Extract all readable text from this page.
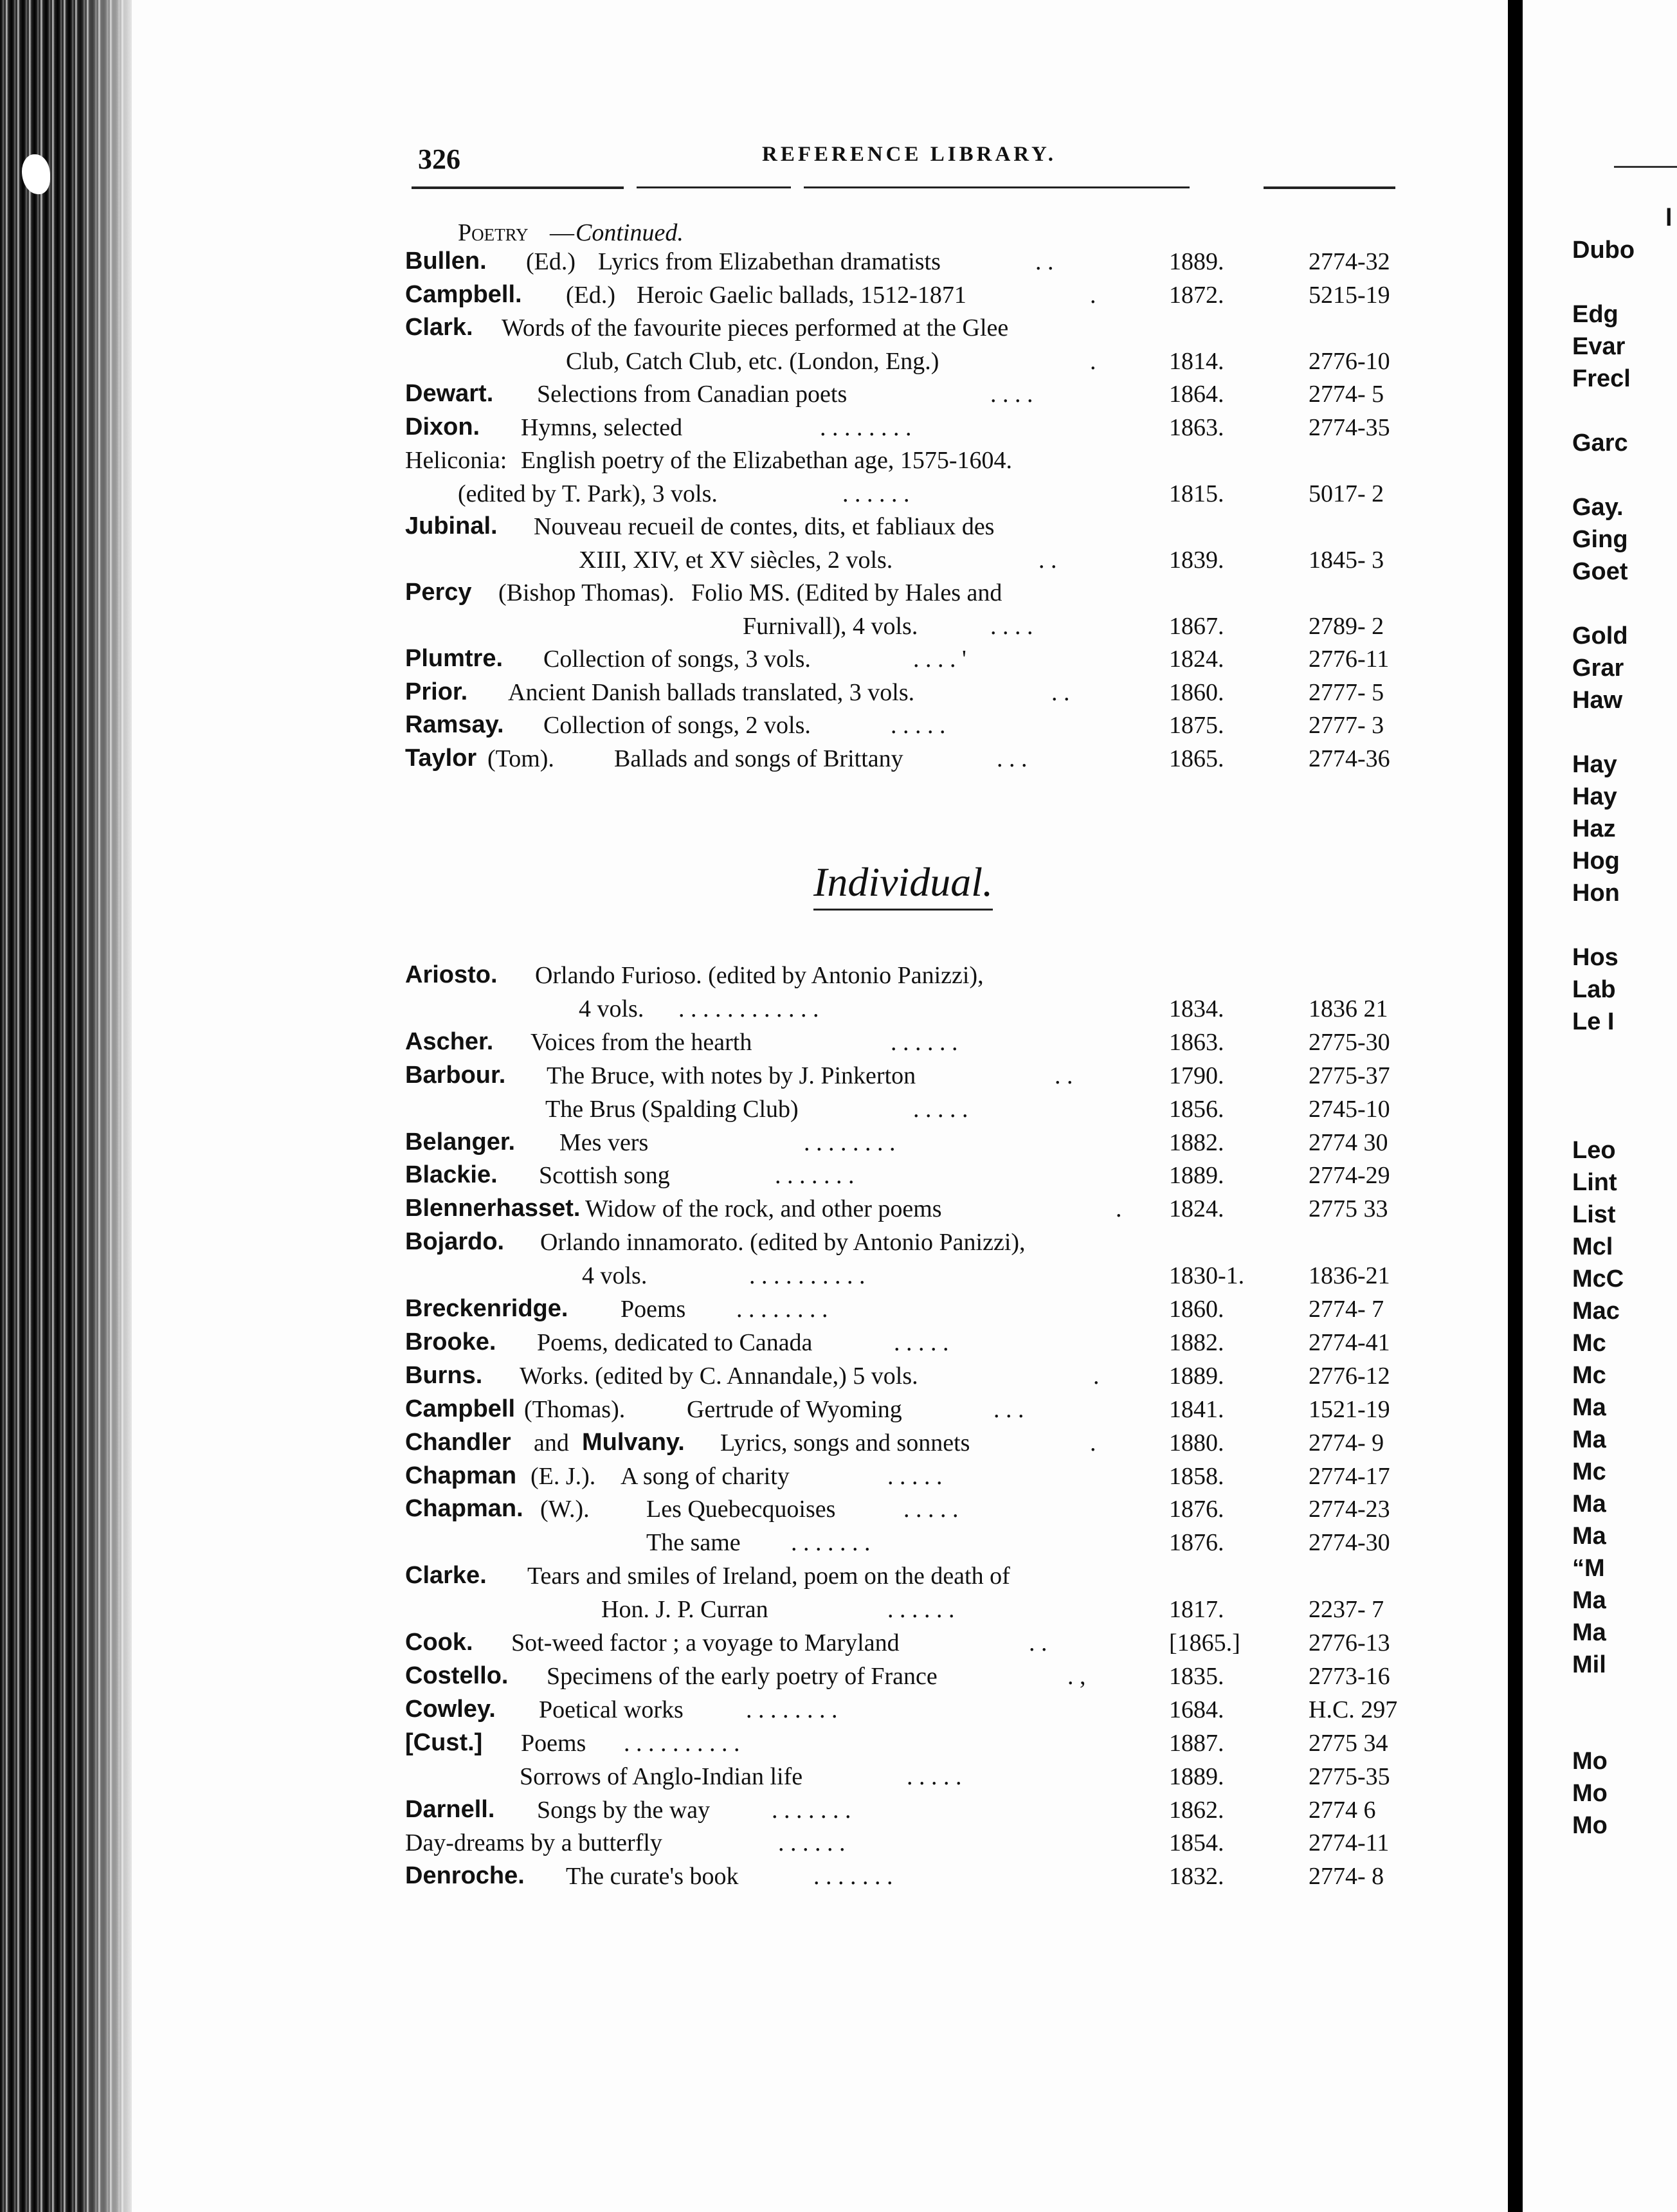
326	REFERENCE LIBRARY.
Poetry — Continued.
Bullen. (Ed.) Lyrics from Elizabethan dramatists	. .	1889.	2774-32
Campbell. (Ed.) Heroic Gaelic ballads, 1512-1871	.	1872.	5215-19
Clark. Words of the favourite pieces performed at the Glee
Club, Catch Club, etc. (London, Eng.)	.	1814.	2776-10
Dewart. Selections from Canadian poets	. . . .	1864.	2774- 5
Dixon. Hymns, selected	. . . . . . . .	1863.	2774-35
Heliconia: English poetry of the Elizabethan age, 1575-1604.
(edited by T. Park), 3 vols.	. . . . . .	1815.	5017- 2
Jubinal. Nouveau recueil de contes, dits, et fabliaux des
XIII, XIV, et XV siècles, 2 vols.	. .	1839.	1845- 3
Percy (Bishop Thomas). Folio MS. (Edited by Hales and
Furnivall), 4 vols.	. . . .	1867.	2789- 2
Plumtre. Collection of songs, 3 vols.	. . . . '	1824.	2776-11
Prior. Ancient Danish ballads translated, 3 vols.	. .	1860.	2777- 5
Ramsay. Collection of songs, 2 vols.	. . . . .	1875.	2777- 3
Taylor (Tom). Ballads and songs of Brittany	. . .	1865.	2774-36
Individual.
Ariosto. Orlando Furioso. (edited by Antonio Panizzi),
4 vols. . . . . . . . . . . . .	1834.	1836 21
Ascher. Voices from the hearth	. . . . . .	1863.	2775-30
Barbour. The Bruce, with notes by J. Pinkerton	. .	1790.	2775-37
The Brus (Spalding Club)	. . . . .	1856.	2745-10
Belanger. Mes vers	. . . . . . . .	1882.	2774 30
Blackie. Scottish song	. . . . . . .	1889.	2774-29
Blennerhasset. Widow of the rock, and other poems	. 1824.	2775 33
Bojardo. Orlando innamorato. (edited by Antonio Panizzi),
4 vols.	. . . . . . . . . .	1830-1.	1836-21
Breckenridge. Poems . . . . . . . .	1860.	2774- 7
Brooke. Poems, dedicated to Canada	. . . . .	1882.	2774-41
Burns. Works. (edited by C. Annandale,) 5 vols.	.	1889.	2776-12
Campbell (Thomas).	Gertrude of Wyoming	. . .	1841.	1521-19
Chandler and Mulvany. Lyrics, songs and sonnets	.	1880.	2774- 9
Chapman (E. J.). A song of charity	. . . . .	1858.	2774-17
Chapman. (W.). Les Quebecquoises	. . . . .	1876.	2774-23
The same . . . . . . .	1876.	2774-30
Clarke. Tears and smiles of Ireland, poem on the death of
Hon. J. P. Curran	. . . . . .	1817.	2237- 7
Cook. Sot-weed factor ; a voyage to Maryland	. .	[1865.]	2776-13
Costello. Specimens of the early poetry of France	. ,	1835.	2773-16
Cowley. Poetical works	. . . . . . . .	1684.	H.C. 297
[Cust.] Poems . . . . . . . . . .	1887.	2775 34
Sorrows of Anglo-Indian life	. . . . .	1889.	2775-35
Darnell. Songs by the way	. . . . . . .	1862.	2774 6
Day-dreams by a butterfly	. . . . . .	1854.	2774-11
Denroche. The curate's book	. . . . . . .	1832.	2774- 8
l
Dubo
Edg
Evar
Frecl
Garc
Gay.
Ging
Goet
Gold
Grar
Haw
Hay
Hay
Haz
Hog
Hon
Hos
Lab
Le I
Leo
Lint
List
Mcl
McC
Mac
Mc
Mc
Ma
Ma
Mc
Ma
Ma
“M
Ma
Ma
Mil
Mo
Mo
Mo
